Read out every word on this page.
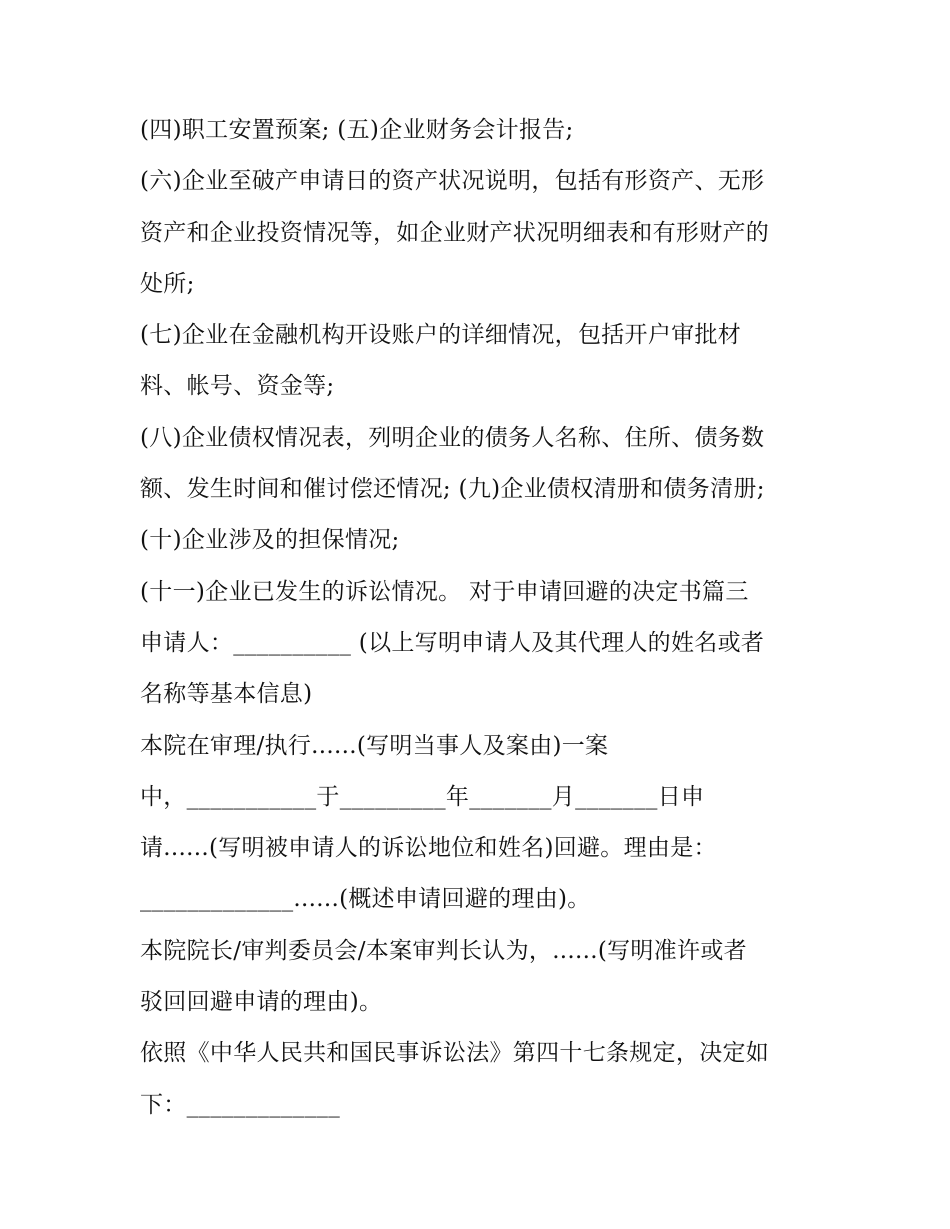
(四)职工安置预案; (五)企业财务会计报告;
(六)企业至破产申请日的资产状况说明，包括有形资产、无形
资产和企业投资情况等，如企业财产状况明细表和有形财产的
处所;
(七)企业在金融机构开设账户的详细情况，包括开户审批材
料、帐号、资金等;
(八)企业债权情况表，列明企业的债务人名称、住所、债务数
额、发生时间和催讨偿还情况; (九)企业债权清册和债务清册;
(十)企业涉及的担保情况;
(十一)企业已发生的诉讼情况。 对于申请回避的决定书篇三
申请人：__________ (以上写明申请人及其代理人的姓名或者
名称等基本信息)
本院在审理/执行......(写明当事人及案由)一案
中，___________于_________年_______月_______日申
请......(写明被申请人的诉讼地位和姓名)回避。理由是：
_____________......(概述申请回避的理由)。
本院院长/审判委员会/本案审判长认为，......(写明准许或者
驳回回避申请的理由)。
依照《中华人民共和国民事诉讼法》第四十七条规定，决定如
下：_____________
